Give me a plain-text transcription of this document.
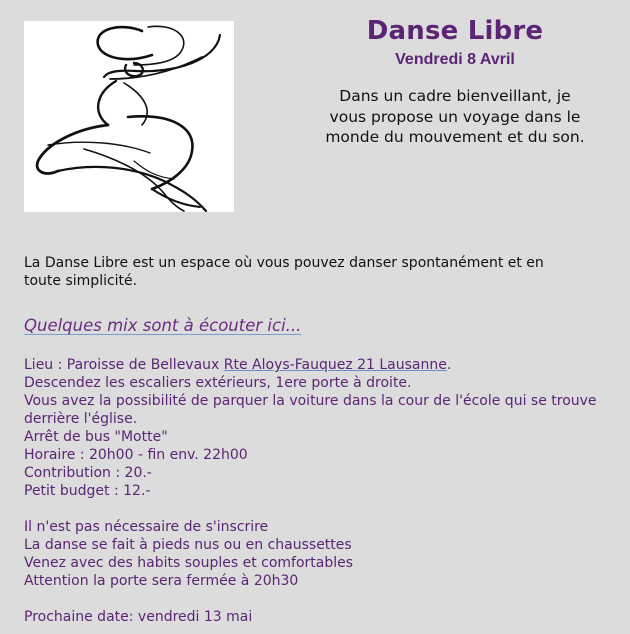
Danse Libre
Vendredi 8 Avril
Dans un cadre bienveillant, je vous propose un voyage dans le monde du mouvement et du son.
La Danse Libre est un espace où vous pouvez danser spontanément et en toute simplicité.
Quelques mix sont à écouter ici...
Lieu : Paroisse de Bellevaux Rte Aloys-Fauquez 21 Lausanne.
Descendez les escaliers extérieurs, 1ere porte à droite.
Vous avez la possibilité de parquer la voiture dans la cour de l'école qui se trouve derrière l'église.
Arrêt de bus "Motte"
Horaire : 20h00 - fin env. 22h00
Contribution : 20.-
Petit budget : 12.-
Il n'est pas nécessaire de s'inscrire
La danse se fait à pieds nus ou en chaussettes
Venez avec des habits souples et comfortables
Attention la porte sera fermée à 20h30
Prochaine date: vendredi 13 mai
